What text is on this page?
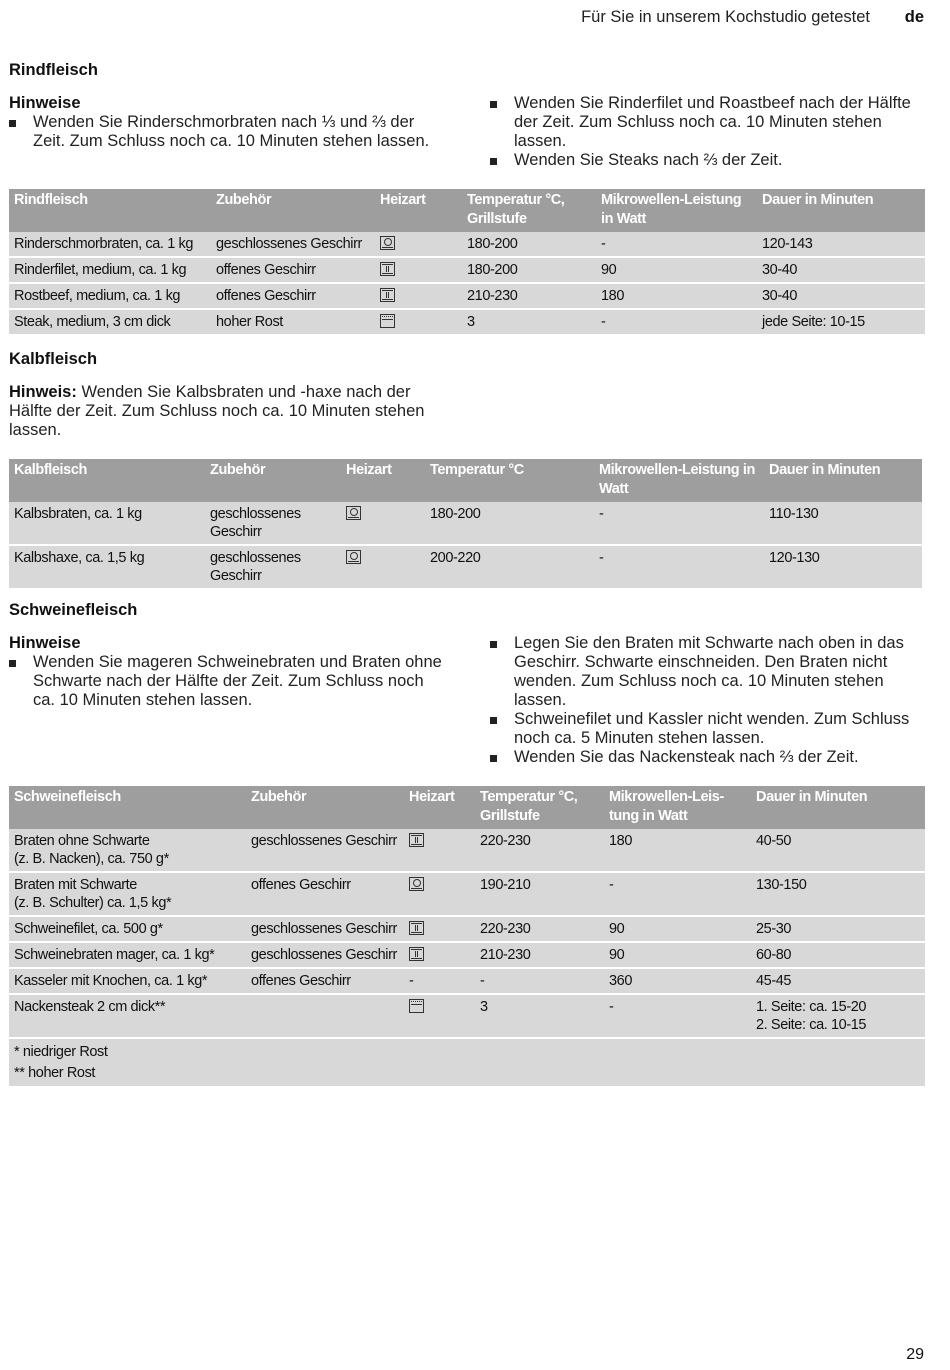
Für Sie in unserem Kochstudio getestet de
Rindfleisch
Hinweise
Wenden Sie Rinderschmorbraten nach ⅓ und ⅔ der Zeit. Zum Schluss noch ca. 10 Minuten stehen lassen.
Wenden Sie Rinderfilet und Roastbeef nach der Hälfte der Zeit. Zum Schluss noch ca. 10 Minuten stehen lassen.
Wenden Sie Steaks nach ⅔ der Zeit.
Rindfleisch	Zubehör	Heizart	Temperatur °C, Grillstufe	Mikrowellen-Leistung in Watt	Dauer in Minuten
Rinderschmorbraten, ca. 1 kg	geschlossenes Geschirr		180-200	-	120-143
Rinderfilet, medium, ca. 1 kg	offenes Geschirr		180-200	90	30-40
Rostbeef, medium, ca. 1 kg	offenes Geschirr		210-230	180	30-40
Steak, medium, 3 cm dick	hoher Rost		3	-	jede Seite: 10-15
Kalbfleisch
Hinweis: Wenden Sie Kalbsbraten und -haxe nach der Hälfte der Zeit. Zum Schluss noch ca. 10 Minuten stehen lassen.
Kalbfleisch	Zubehör	Heizart	Temperatur °C	Mikrowellen-Leistung in Watt	Dauer in Minuten
Kalbsbraten, ca. 1 kg	geschlossenes Geschirr		180-200	-	110-130
Kalbshaxe, ca. 1,5 kg	geschlossenes Geschirr		200-220	-	120-130
Schweinefleisch
Hinweise
Wenden Sie mageren Schweinebraten und Braten ohne Schwarte nach der Hälfte der Zeit. Zum Schluss noch ca. 10 Minuten stehen lassen.
Legen Sie den Braten mit Schwarte nach oben in das Geschirr. Schwarte einschneiden. Den Braten nicht wenden. Zum Schluss noch ca. 10 Minuten stehen lassen.
Schweinefilet und Kassler nicht wenden. Zum Schluss noch ca. 5 Minuten stehen lassen.
Wenden Sie das Nackensteak nach ⅔ der Zeit.
Schweinefleisch	Zubehör	Heizart	Temperatur °C, Grillstufe	Mikrowellen-Leistung in Watt	Dauer in Minuten
Braten ohne Schwarte
(z. B. Nacken), ca. 750 g*	geschlossenes Geschirr		220-230	180	40-50
Braten mit Schwarte
(z. B. Schulter) ca. 1,5 kg*	offenes Geschirr		190-210	-	130-150
Schweinefilet, ca. 500 g*	geschlossenes Geschirr		220-230	90	25-30
Schweinebraten mager, ca. 1 kg*	geschlossenes Geschirr		210-230	90	60-80
Kasseler mit Knochen, ca. 1 kg*	offenes Geschirr	-	-	360	45-45
Nackensteak 2 cm dick**			3	-	1. Seite: ca. 15-20
2. Seite: ca. 10-15

* niedriger Rost
** hoher Rost					
29
